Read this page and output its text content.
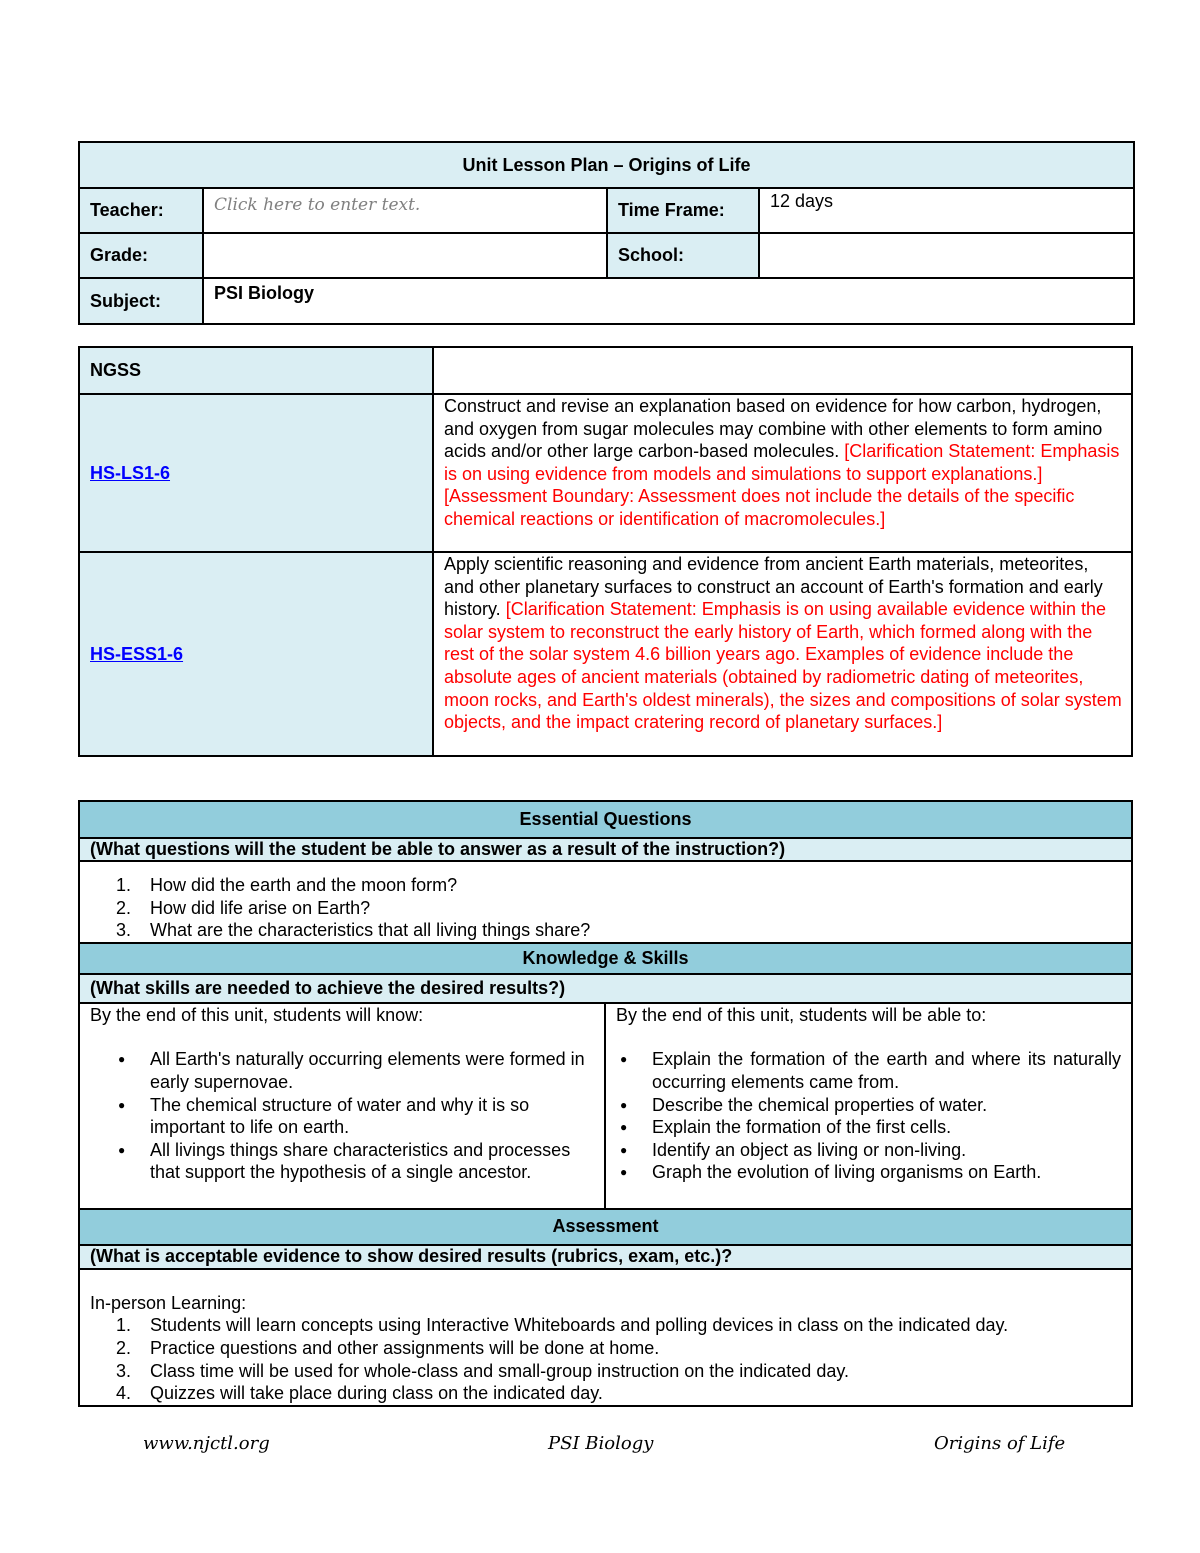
Unit Lesson Plan – Origins of Life			
Teacher:	Click here to enter text.	Time Frame:	12 days
Grade:		School:	
Subject:	PSI Biology		
NGSS	
HS-LS1-6	Construct and revise an explanation based on evidence for how carbon, hydrogen, and oxygen from sugar molecules may combine with other elements to form amino acids and/or other large carbon-based molecules. [Clarification Statement: Emphasis is on using evidence from models and simulations to support explanations.] [Assessment Boundary: Assessment does not include the details of the specific chemical reactions or identification of macromolecules.]
HS-ESS1-6	Apply scientific reasoning and evidence from ancient Earth materials, meteorites, and other planetary surfaces to construct an account of Earth's formation and early history. [Clarification Statement: Emphasis is on using available evidence within the solar system to reconstruct the early history of Earth, which formed along with the rest of the solar system 4.6 billion years ago. Examples of evidence include the absolute ages of ancient materials (obtained by radiometric dating of meteorites, moon rocks, and Earth's oldest minerals), the sizes and compositions of solar system objects, and the impact cratering record of planetary surfaces.]
Essential Questions
(What questions will the student be able to answer as a result of the instruction?)

How did the earth and the moon form?
How did life arise on Earth?
What are the characteristics that all living things share?

Knowledge & Skills
(What skills are needed to achieve the desired results?)

By the end of this unit, students will know:
● All Earth's naturally occurring elements were formed in early supernovae.
● The chemical structure of water and why it is so important to life on earth.
● All livings things share characteristics and processes that support the hypothesis of a single ancestor.

By the end of this unit, students will be able to:
● Explain the formation of the earth and where its naturally occurring elements came from.
● Describe the chemical properties of water.
● Explain the formation of the first cells.
● Identify an object as living or non-living.
● Graph the evolution of living organisms on Earth.

Assessment
(What is acceptable evidence to show desired results (rubrics, exam, etc.)?

In-person Learning:
Students will learn concepts using Interactive Whiteboards and polling devices in class on the indicated day.
Practice questions and other assignments will be done at home.
Class time will be used for whole-class and small-group instruction on the indicated day.
Quizzes will take place during class on the indicated day.
www.njctl.org	PSI Biology	Origins of Life
